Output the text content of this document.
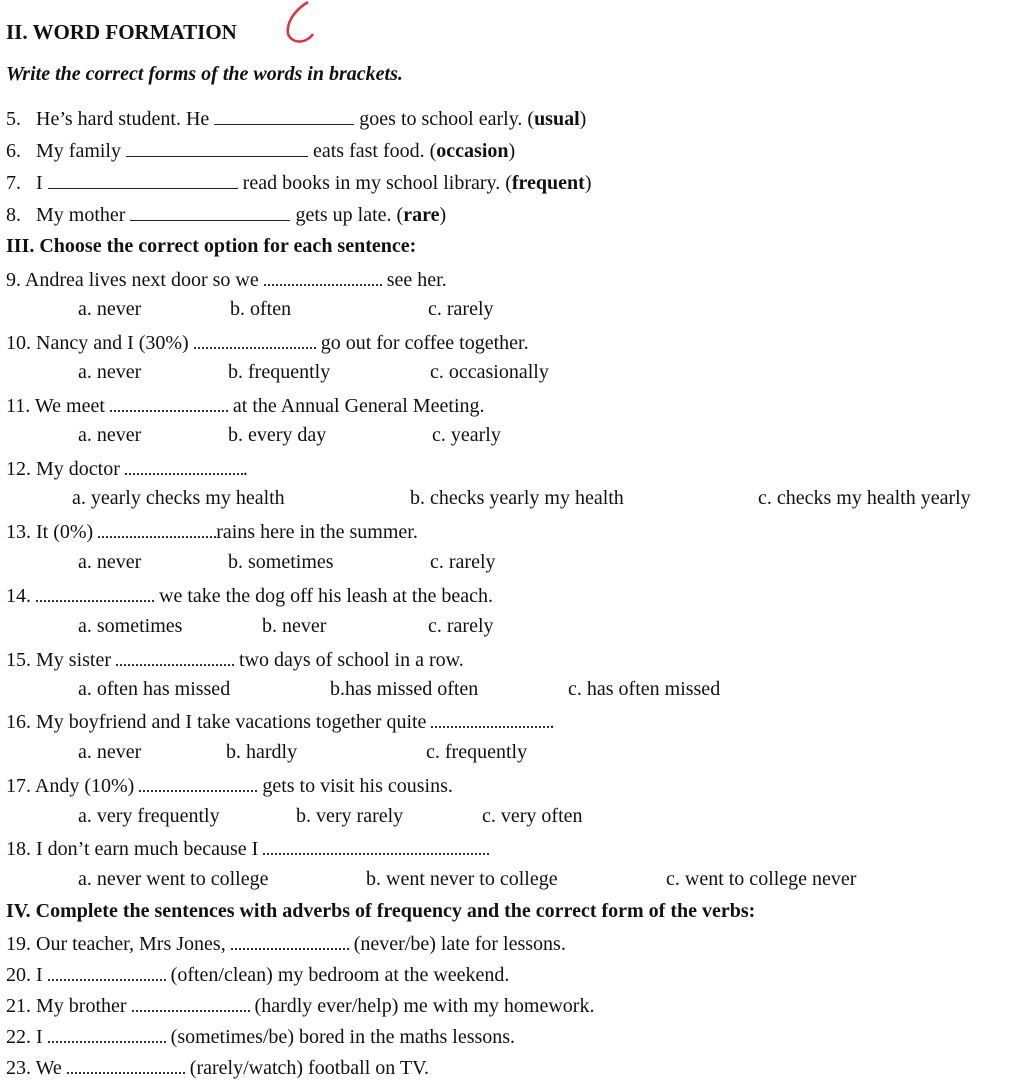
II. WORD FORMATION
Write the correct forms of the words in brackets.
5. He’s hard student. He	goes to school early. (usual)
6. My family	eats fast food. (occasion)
7. I	read books in my school library. (frequent)
8. My mother	gets up late. (rare)
III. Choose the correct option for each sentence:
9. Andrea lives next door so we	see her.
a. never	b. often	c. rarely
10. Nancy and I (30%)	go out for coffee together.
a. never	b. frequently	c. occasionally
11. We meet	at the Annual General Meeting.
a. never	b. every day	c. yearly
12. My doctor	.
a. yearly checks my health	b. checks yearly my health	c. checks my health yearly
13. It (0%)	rains here in the summer.
a. never	b. sometimes	c. rarely
14.	we take the dog off his leash at the beach.
a. sometimes	b. never	c. rarely
15. My sister	two days of school in a row.
a. often has missed	b.has missed often	c. has often missed
16. My boyfriend and I take vacations together quite	.
a. never	b. hardly	c. frequently
17. Andy (10%)	gets to visit his cousins.
a. very frequently	b. very rarely	c. very often
18. I don’t earn much because I
a. never went to college	b. went never to college	c. went to college never
IV. Complete the sentences with adverbs of frequency and the correct form of the verbs:
19. Our teacher, Mrs Jones,	(never/be) late for lessons.
20. I	(often/clean) my bedroom at the weekend.
21. My brother	(hardly ever/help) me with my homework.
22. I	(sometimes/be) bored in the maths lessons.
23. We	(rarely/watch) football on TV.
